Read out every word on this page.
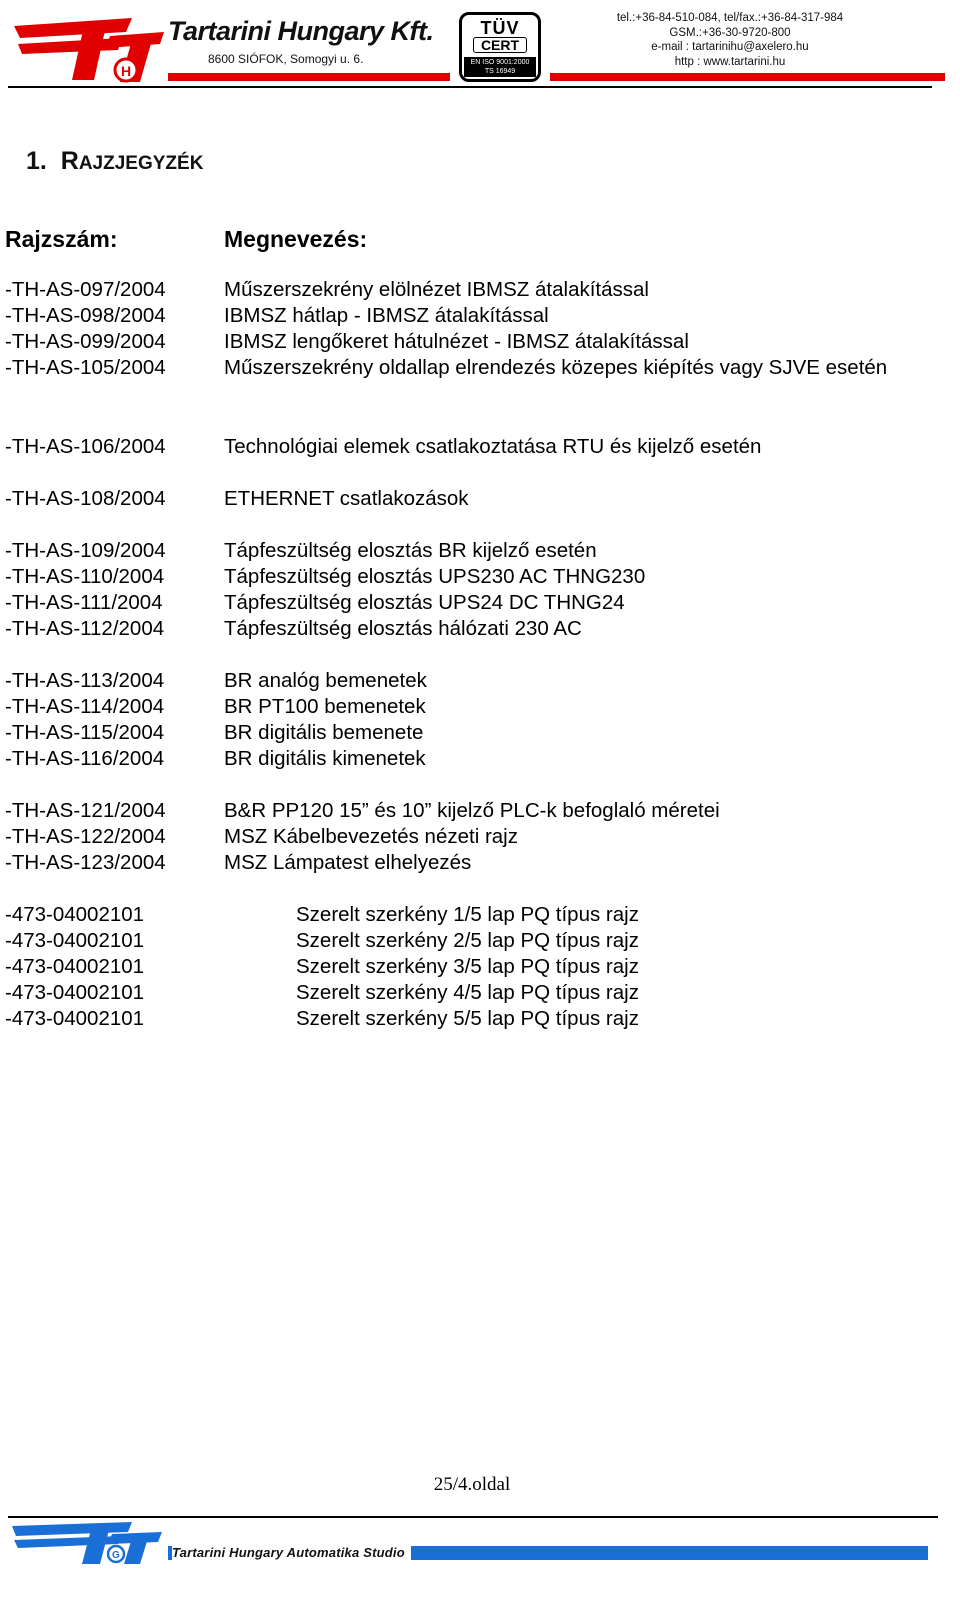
H
Tartarini Hungary Kft.
8600 SIÓFOK, Somogyi u. 6.
TÜV
CERT
EN ISO 9001:2000
TS 16949
tel.:+36-84-510-084, tel/fax.:+36-84-317-984
GSM.:+36-30-9720-800
e-mail : tartarinihu@axelero.hu
http : www.tartarini.hu
1. RAJZJEGYZÉK
Rajzszám:	Megnevezés:
-TH-AS-097/2004	Műszerszekrény elölnézet IBMSZ átalakítással
-TH-AS-098/2004	IBMSZ hátlap - IBMSZ átalakítással
-TH-AS-099/2004	IBMSZ lengőkeret hátulnézet - IBMSZ átalakítással
-TH-AS-105/2004	Műszerszekrény oldallap elrendezés közepes kiépítés vagy SJVE esetén
-TH-AS-106/2004	Technológiai elemek csatlakoztatása RTU és kijelző esetén
-TH-AS-108/2004	ETHERNET csatlakozások
-TH-AS-109/2004	Tápfeszültség elosztás BR kijelző esetén
-TH-AS-110/2004	Tápfeszültség elosztás UPS230 AC THNG230
-TH-AS-111/2004	Tápfeszültség elosztás UPS24 DC THNG24
-TH-AS-112/2004	Tápfeszültség elosztás hálózati 230 AC
-TH-AS-113/2004	BR analóg bemenetek
-TH-AS-114/2004	BR PT100 bemenetek
-TH-AS-115/2004	BR digitális bemenete
-TH-AS-116/2004	BR digitális kimenetek
-TH-AS-121/2004	B&R PP120 15” és 10” kijelző PLC-k befoglaló méretei
-TH-AS-122/2004	MSZ Kábelbevezetés nézeti rajz
-TH-AS-123/2004	MSZ Lámpatest elhelyezés
-473-04002101	Szerelt szerkény 1/5 lap PQ típus rajz
-473-04002101	Szerelt szerkény 2/5 lap PQ típus rajz
-473-04002101	Szerelt szerkény 3/5 lap PQ típus rajz
-473-04002101	Szerelt szerkény 4/5 lap PQ típus rajz
-473-04002101	Szerelt szerkény 5/5 lap PQ típus rajz
25/4.oldal
G	Tartarini Hungary Automatika Studio
